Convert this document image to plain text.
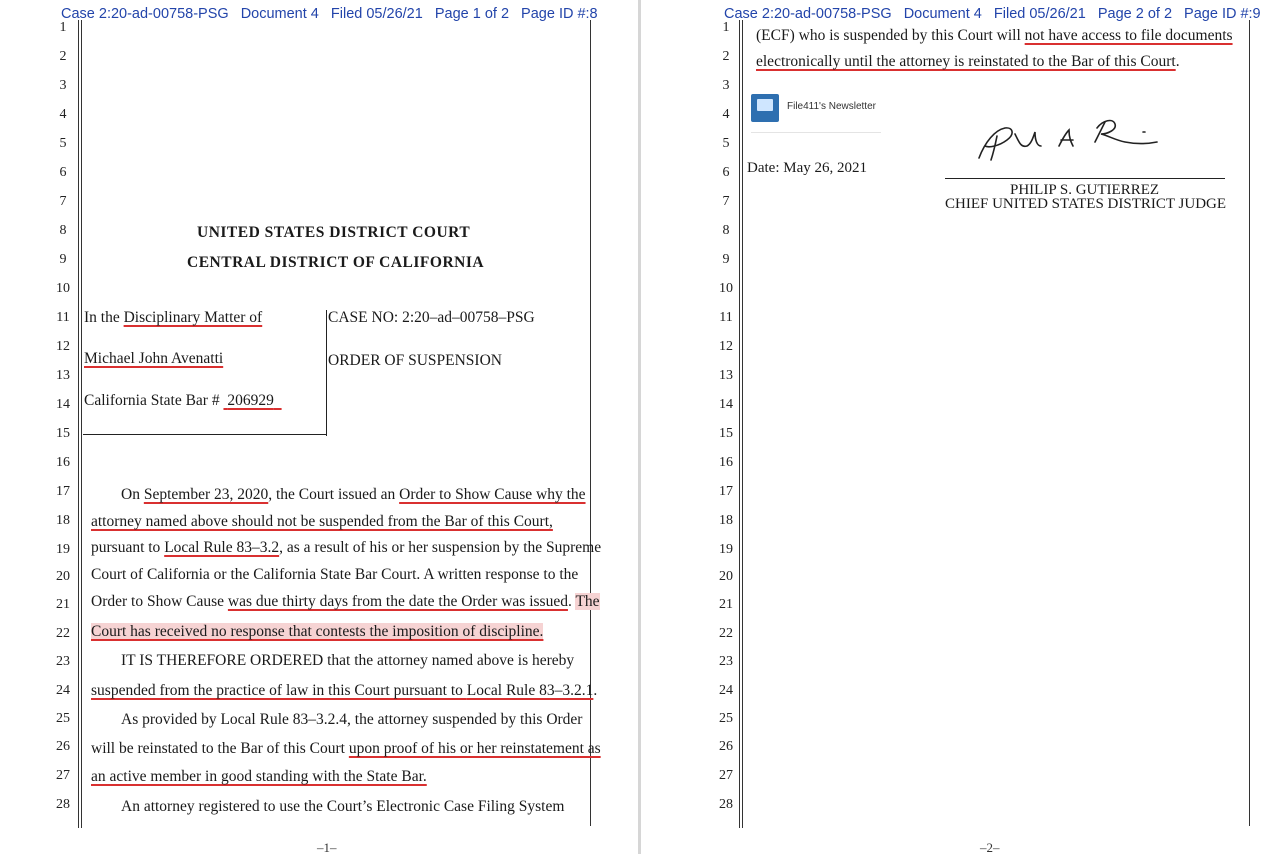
Case 2:20-ad-00758-PSG Document 4 Filed 05/26/21 Page 1 of 2 Page ID #:8
1
2
3
4
5
6
7
8
9
10
11
12
13
14
15
16
17
18
19
20
21
22
23
24
25
26
27
28
UNITED STATES DISTRICT COURT
CENTRAL DISTRICT OF CALIFORNIA
In the Disciplinary Matter of
Michael John Avenatti
California State Bar # 206929
CASE NO: 2:20–ad–00758–PSG
ORDER OF SUSPENSION
On September 23, 2020, the Court issued an Order to Show Cause why the
attorney named above should not be suspended from the Bar of this Court,
pursuant to Local Rule 83–3.2, as a result of his or her suspension by the Supreme
Court of California or the California State Bar Court. A written response to the
Order to Show Cause was due thirty days from the date the Order was issued. The
Court has received no response that contests the imposition of discipline.
IT IS THEREFORE ORDERED that the attorney named above is hereby
suspended from the practice of law in this Court pursuant to Local Rule 83–3.2.1.
As provided by Local Rule 83–3.2.4, the attorney suspended by this Order
will be reinstated to the Bar of this Court upon proof of his or her reinstatement as
an active member in good standing with the State Bar.
An attorney registered to use the Court’s Electronic Case Filing System
–1–
Case 2:20-ad-00758-PSG Document 4 Filed 05/26/21 Page 2 of 2 Page ID #:9
1
2
3
4
5
6
7
8
9
10
11
12
13
14
15
16
17
18
19
20
21
22
23
24
25
26
27
28
(ECF) who is suspended by this Court will not have access to file documents
electronically until the attorney is reinstated to the Bar of this Court.
File411's Newsletter
Date: May 26, 2021
PHILIP S. GUTIERREZ
CHIEF UNITED STATES DISTRICT JUDGE
–2–
